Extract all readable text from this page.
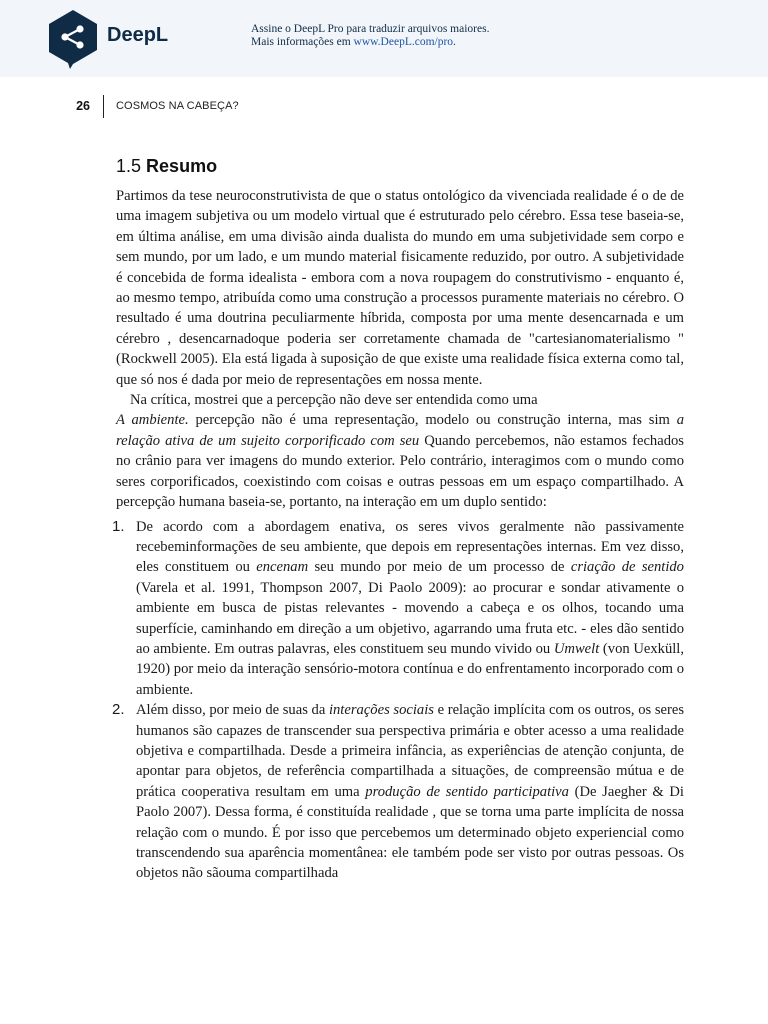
DeepL	Assine o DeepL Pro para traduzir arquivos maiores.
Mais informações em www.DeepL.com/pro.
26 COSMOS NA CABEÇA?
1.5 Resumo

Partimos da tese neuroconstrutivista de que o status ontológico da vivenciada realidade é o de de uma imagem subjetiva ou um modelo virtual que é estruturado pelo cérebro. Essa tese baseia-se, em última análise, em uma divisão ainda dualista do mundo em uma subjetividade sem corpo e sem mundo, por um lado, e um mundo material fisicamente reduzido, por outro. A subjetividade é concebida de forma idealista - embora com a nova roupagem do construtivismo - enquanto é, ao mesmo tempo, atribuída como uma construção a processos puramente materiais no cérebro. O resultado é uma doutrina peculiarmente híbrida, composta por uma mente desencarnada e um cérebro , desencarnadoque poderia ser corretamente chamada de "cartesianomaterialismo " (Rockwell 2005). Ela está ligada à suposição de que existe uma realidade física externa como tal, que só nos é dada por meio de representações em nossa mente.

Na crítica, mostrei que a percepção não deve ser entendida como uma

A ambiente. percepção não é uma representação, modelo ou construção interna, mas sim a relação ativa de um sujeito corporificado com seu Quando percebemos, não estamos fechados no crânio para ver imagens do mundo exterior. Pelo contrário, interagimos com o mundo como seres corporificados, coexistindo com coisas e outras pessoas em um espaço compartilhado. A percepção humana baseia-se, portanto, na interação em um duplo sentido:

1. De acordo com a abordagem enativa, os seres vivos geralmente não passivamente recebeminformações de seu ambiente, que depois em representações internas. Em vez disso, eles constituem ou encenam seu mundo por meio de um processo de criação de sentido (Varela et al. 1991, Thompson 2007, Di Paolo 2009): ao procurar e sondar ativamente o ambiente em busca de pistas relevantes - movendo a cabeça e os olhos, tocando uma superfície, caminhando em direção a um objetivo, agarrando uma fruta etc. - eles dão sentido ao ambiente. Em outras palavras, eles constituem seu mundo vivido ou Umwelt (von Uexküll, 1920) por meio da interação sensório-motora contínua e do enfrentamento incorporado com o ambiente.
2. Além disso, por meio de suas da interações sociais e relação implícita com os outros, os seres humanos são capazes de transcender sua perspectiva primária e obter acesso a uma realidade objetiva e compartilhada. Desde a primeira infância, as experiências de atenção conjunta, de apontar para objetos, de referência compartilhada a situações, de compreensão mútua e de prática cooperativa resultam em uma produção de sentido participativa (De Jaegher & Di Paolo 2007). Dessa forma, é constituída realidade , que se torna uma parte implícita de nossa relação com o mundo. É por isso que percebemos um determinado objeto experiencial como transcendendo sua aparência momentânea: ele também pode ser visto por outras pessoas. Os objetos não sãouma compartilhada
